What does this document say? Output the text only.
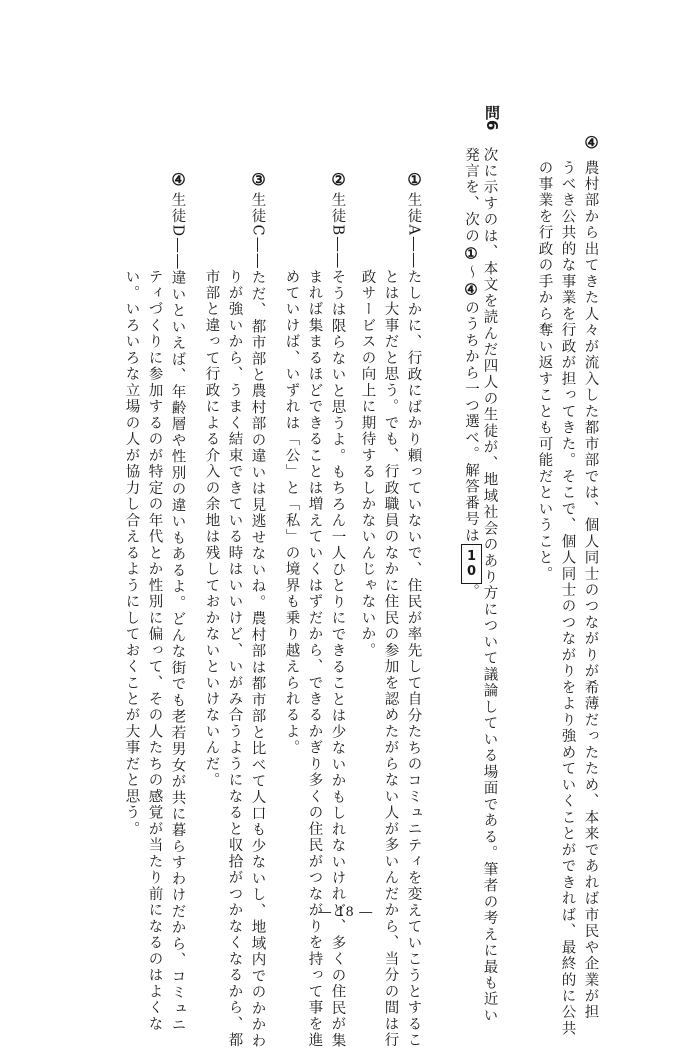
④
農村部から出てきた人々が流入した都市部では、個人同士のつながりが希薄だったため、本来であれば市民や企業が担
うべき公共的な事業を行政が担ってきた。そこで、個人同士のつながりをより強めていくことができれば、最終的に公共
の事業を行政の手から奪い返すことも可能だということ。
問6
次に示すのは、本文を読んだ四人の生徒が、地域社会のあり方について議論している場面である。筆者の考えに最も近い
発言を、次の①～④のうちから一つ選べ。解答番号は10。
①
生徒A――たしかに、行政にばかり頼っていないで、住民が率先して自分たちのコミュニティを変えていこうとするこ
とは大事だと思う。でも、行政職員のなかに住民の参加を認めたがらない人が多いんだから、当分の間は行
政サービスの向上に期待するしかないんじゃないか。
②
生徒B――そうは限らないと思うよ。もちろん一人ひとりにできることは少ないかもしれないけれど、多くの住民が集
まれば集まるほどできることは増えていくはずだから、できるかぎり多くの住民がつながりを持って事を進
めていけば、いずれは「公」と「私」の境界も乗り越えられるよ。
③
生徒C――ただ、都市部と農村部の違いは見逃せないね。農村部は都市部と比べて人口も少ないし、地域内でのかかわ
りが強いから、うまく結束できている時はいいけど、いがみ合うようになると収拾がつかなくなるから、都
市部と違って行政による介入の余地は残しておかないといけないんだ。
④
生徒D――違いといえば、年齢層や性別の違いもあるよ。どんな街でも老若男女が共に暮らすわけだから、コミュニ
ティづくりに参加するのが特定の年代とか性別に偏って、その人たちの感覚が当たり前になるのはよくな
い。いろいろな立場の人が協力し合えるようにしておくことが大事だと思う。
― 18 ―
